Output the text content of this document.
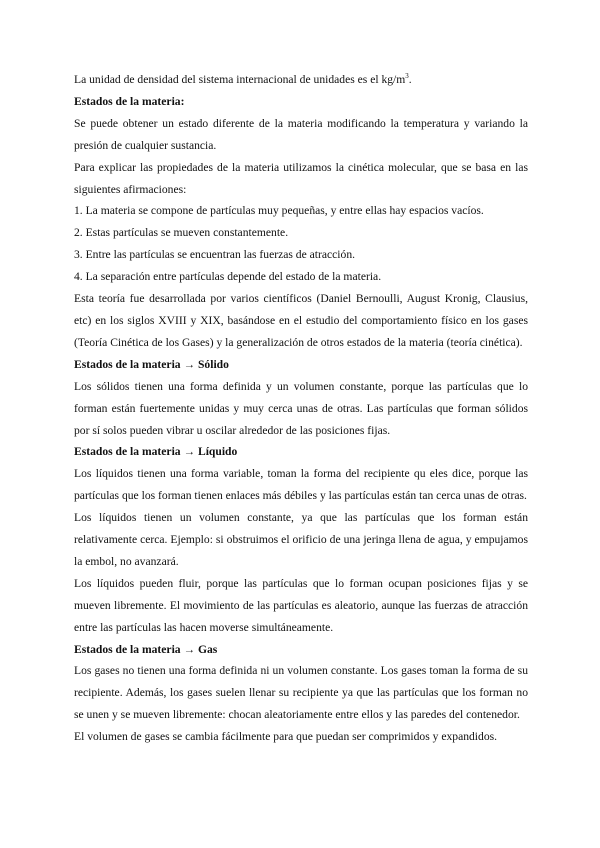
La unidad de densidad del sistema internacional de unidades es el $kg/m^3$.

Estados de la materia:

Se puede obtener un estado diferente de la materia modificando la temperatura y variando la presión de cualquier sustancia.

Para explicar las propiedades de la materia utilizamos la cinética molecular, que se basa en las siguientes afirmaciones:

1. La materia se compone de partículas muy pequeñas, y entre ellas hay espacios vacíos.

2. Estas partículas se mueven constantemente.

3. Entre las partículas se encuentran las fuerzas de atracción.

4. La separación entre partículas depende del estado de la materia.

Esta teoría fue desarrollada por varios científicos (Daniel Bernoulli, August Kronig, Clausius, etc) en los siglos XVIII y XIX, basándose en el estudio del comportamiento físico en los gases (Teoría Cinética de los Gases) y la generalización de otros estados de la materia (teoría cinética).

Estados de la materia → Sólido

Los sólidos tienen una forma definida y un volumen constante, porque las partículas que lo forman están fuertemente unidas y muy cerca unas de otras. Las partículas que forman sólidos por sí solos pueden vibrar u oscilar alrededor de las posiciones fijas.

Estados de la materia → Líquido

Los líquidos tienen una forma variable, toman la forma del recipiente qu eles dice, porque las partículas que los forman tienen enlaces más débiles y las partículas están tan cerca unas de otras.

Los líquidos tienen un volumen constante, ya que las partículas que los forman están relativamente cerca. Ejemplo: si obstruimos el orificio de una jeringa llena de agua, y empujamos la embol, no avanzará.

Los líquidos pueden fluir, porque las partículas que lo forman ocupan posiciones fijas y se mueven libremente. El movimiento de las partículas es aleatorio, aunque las fuerzas de atracción entre las partículas las hacen moverse simultáneamente.

Estados de la materia → Gas

Los gases no tienen una forma definida ni un volumen constante. Los gases toman la forma de su recipiente. Además, los gases suelen llenar su recipiente ya que las partículas que los forman no se unen y se mueven libremente: chocan aleatoriamente entre ellos y las paredes del contenedor.

El volumen de gases se cambia fácilmente para que puedan ser comprimidos y expandidos.
